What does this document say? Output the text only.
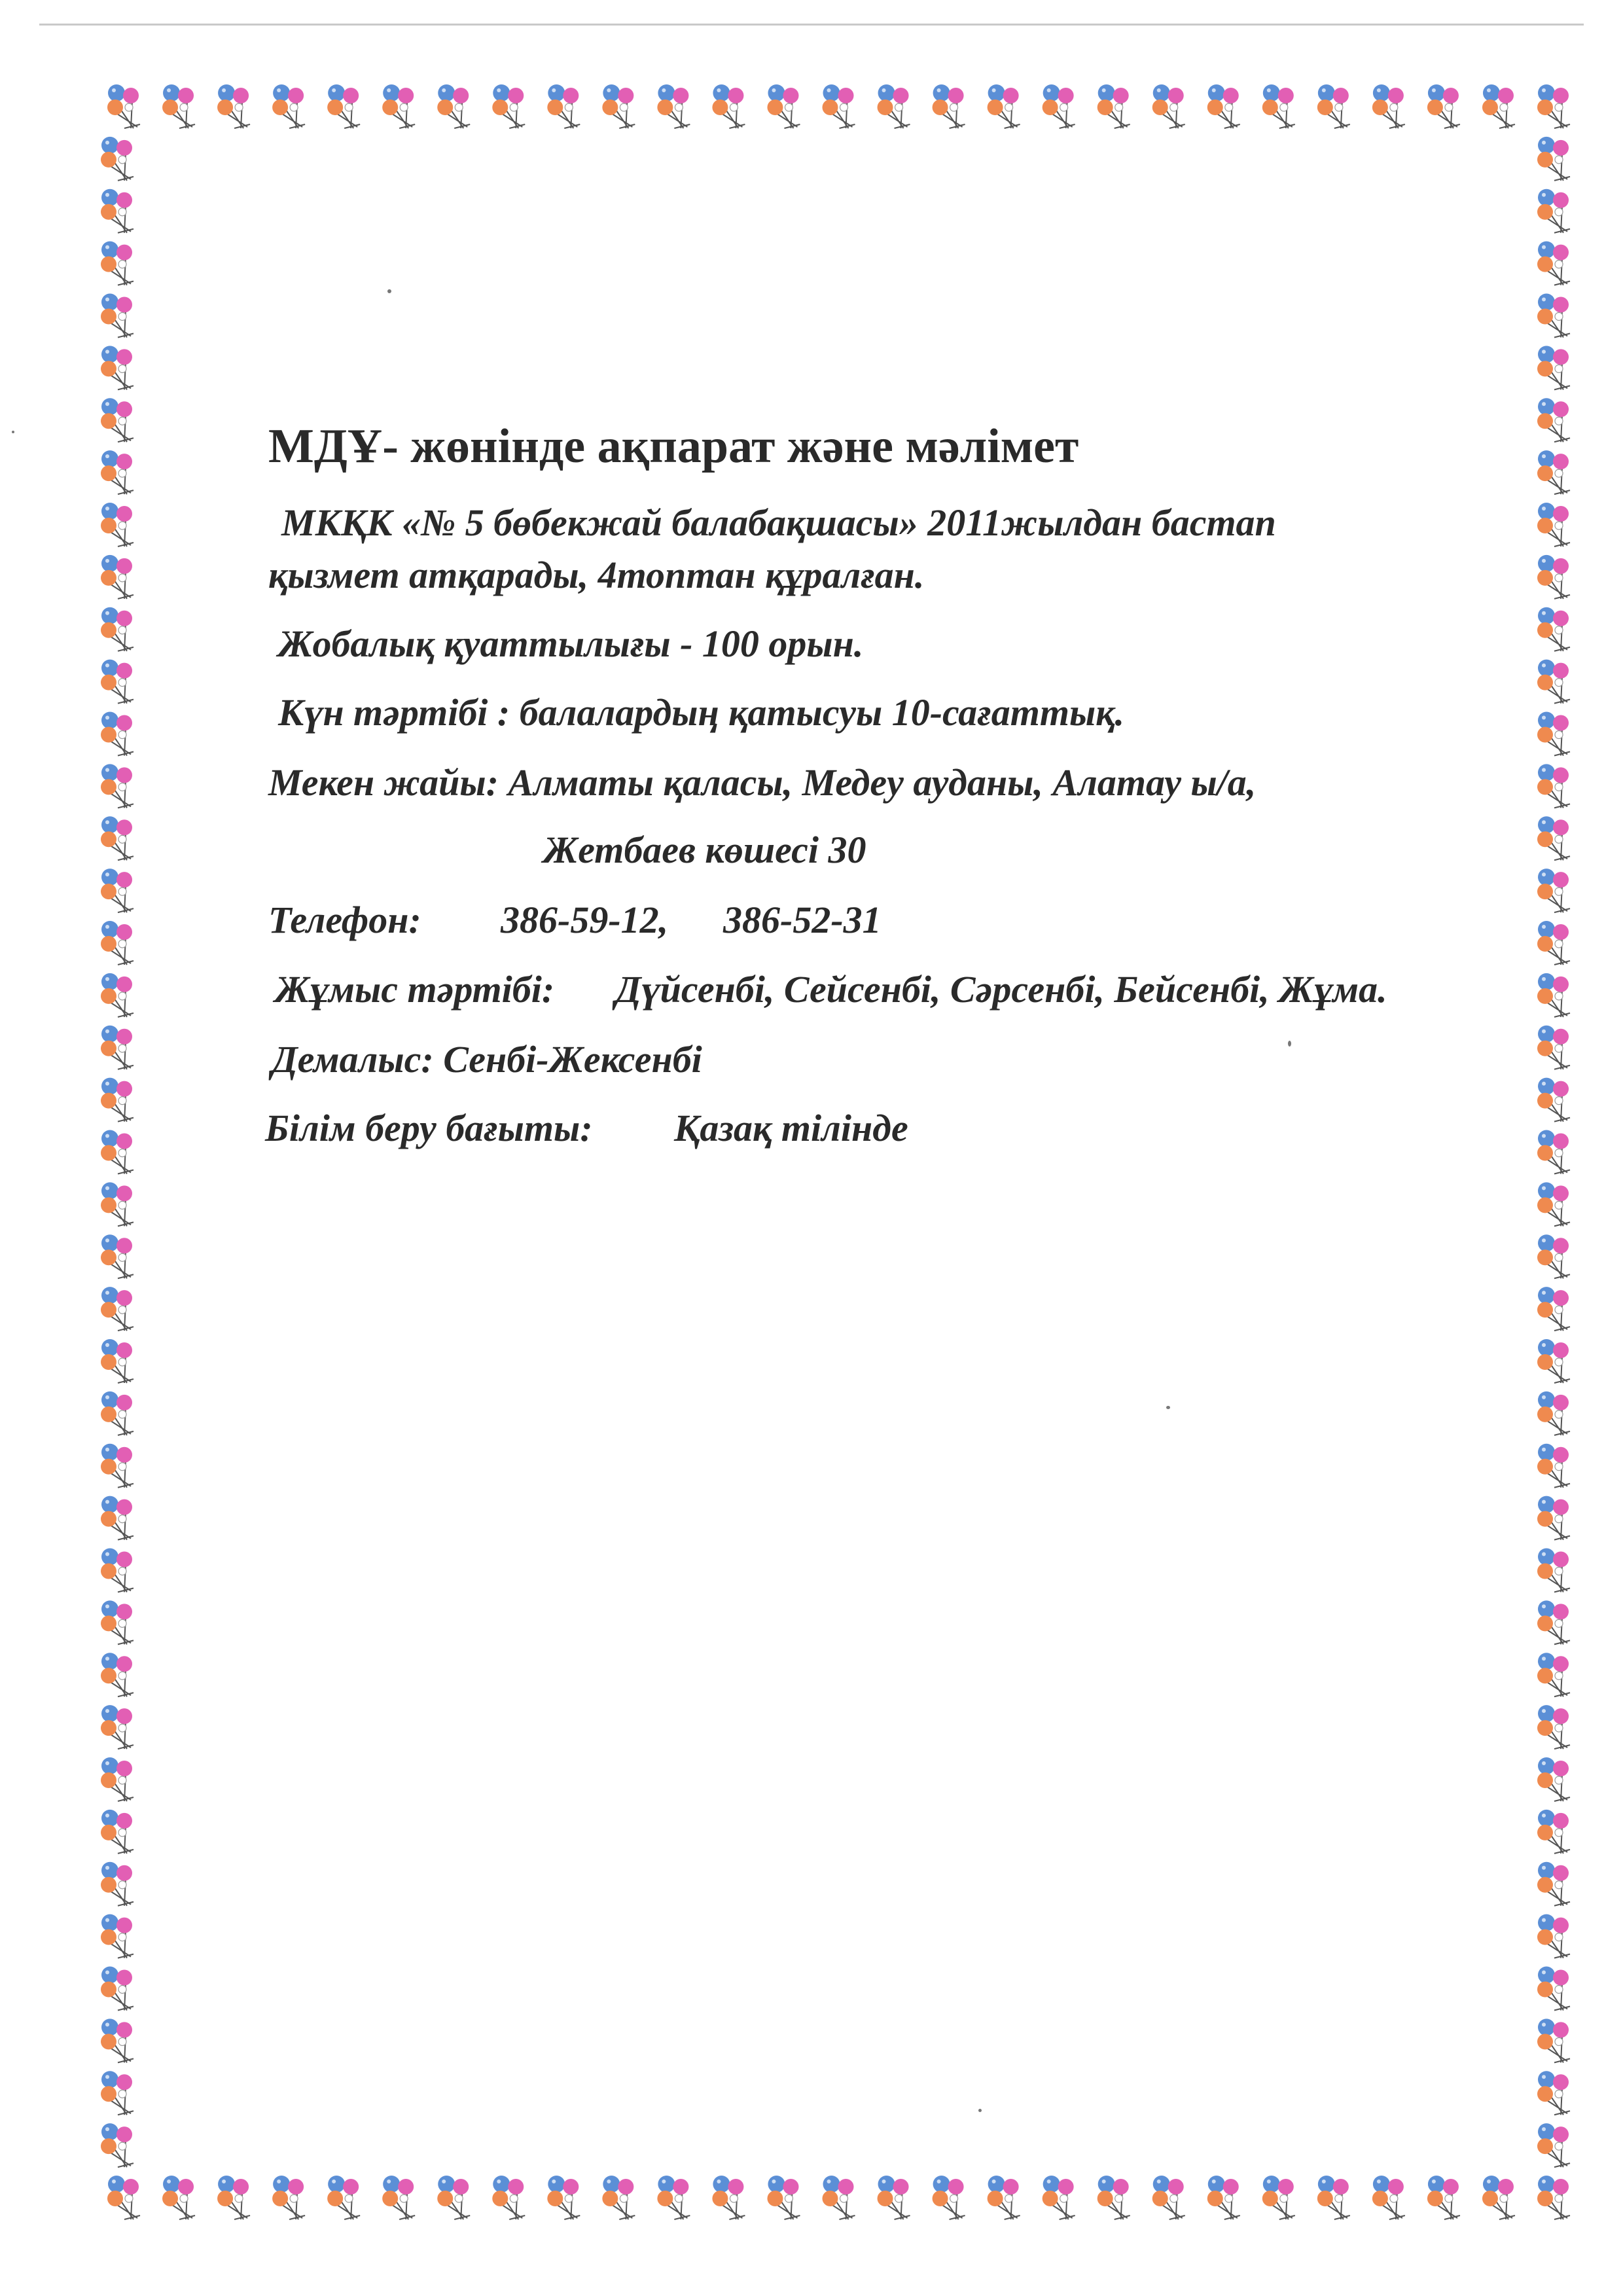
МДҰ- жөнінде ақпарат және мәлімет
МКҚК «№ 5 бөбекжай балабақшасы» 2011жылдан бастап
қызмет атқарады, 4топтан құралған.
Жобалық қуаттылығы - 100 орын.
Күн тәртібі : балалардың қатысуы 10-сағаттық.
Мекен жайы: Алматы қаласы, Медеу ауданы, Алатау ы/а,
Жетбаев көшесі 30
Телефон: 386-59-12, 386-52-31
Жұмыс тәртібі: Дүйсенбі, Сейсенбі, Сәрсенбі, Бейсенбі, Жұма.
Демалыс: Сенбі-Жексенбі
Білім беру бағыты: Қазақ тілінде
